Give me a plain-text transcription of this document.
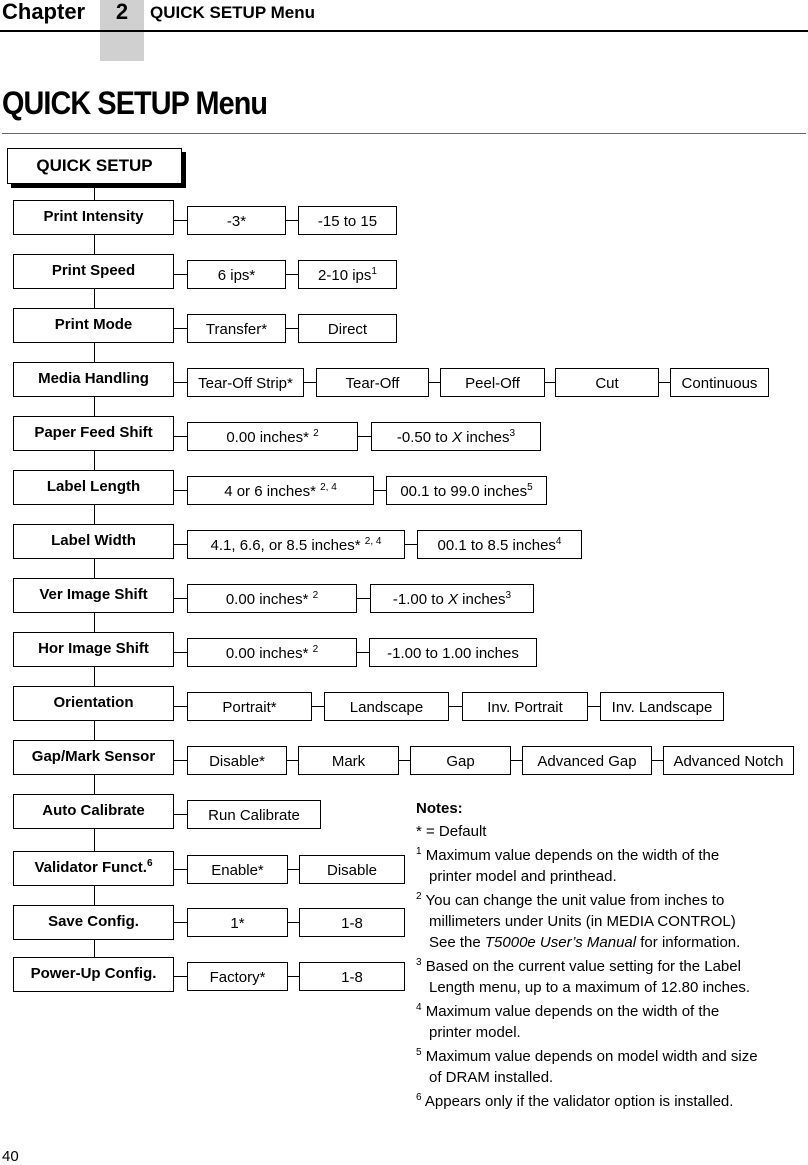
Chapter	2	QUICK SETUP Menu
QUICK SETUP Menu
QUICK SETUP
Print Intensity	-3*	-15 to 15
Print Speed	6 ips*	2-10 ips$^1$
Print Mode	Transfer*	Direct
Media Handling	Tear-Off Strip*	Tear-Off	Peel-Off	Cut	Continuous
Paper Feed Shift	0.00 inches* $^2$	-0.50 to X inches$^3$
Label Length	4 or 6 inches* $^{2, 4}$	00.1 to 99.0 inches$^5$
Label Width	4.1, 6.6, or 8.5 inches* $^{2, 4}$	00.1 to 8.5 inches$^4$
Ver Image Shift	0.00 inches* $^2$	-1.00 to X inches$^3$
Hor Image Shift	0.00 inches* $^2$	-1.00 to 1.00 inches
Orientation	Portrait*	Landscape	Inv. Portrait	Inv. Landscape
Gap/Mark Sensor	Disable*	Mark	Gap	Advanced Gap	Advanced Notch
Auto Calibrate	Run Calibrate
Validator Funct.$^6$	Enable*	Disable
Save Config.	1*	1-8
Power-Up Config.	Factory*	1-8
Notes:
* = Default
$^1$ Maximum value depends on the width of the
printer model and printhead.
$^2$ You can change the unit value from inches to
millimeters under Units (in MEDIA CONTROL)
See the T5000e User’s Manual for information.
$^3$ Based on the current value setting for the Label
Length menu, up to a maximum of 12.80 inches.
$^4$ Maximum value depends on the width of the
printer model.
$^5$ Maximum value depends on model width and size
of DRAM installed.
$^6$ Appears only if the validator option is installed.
40
